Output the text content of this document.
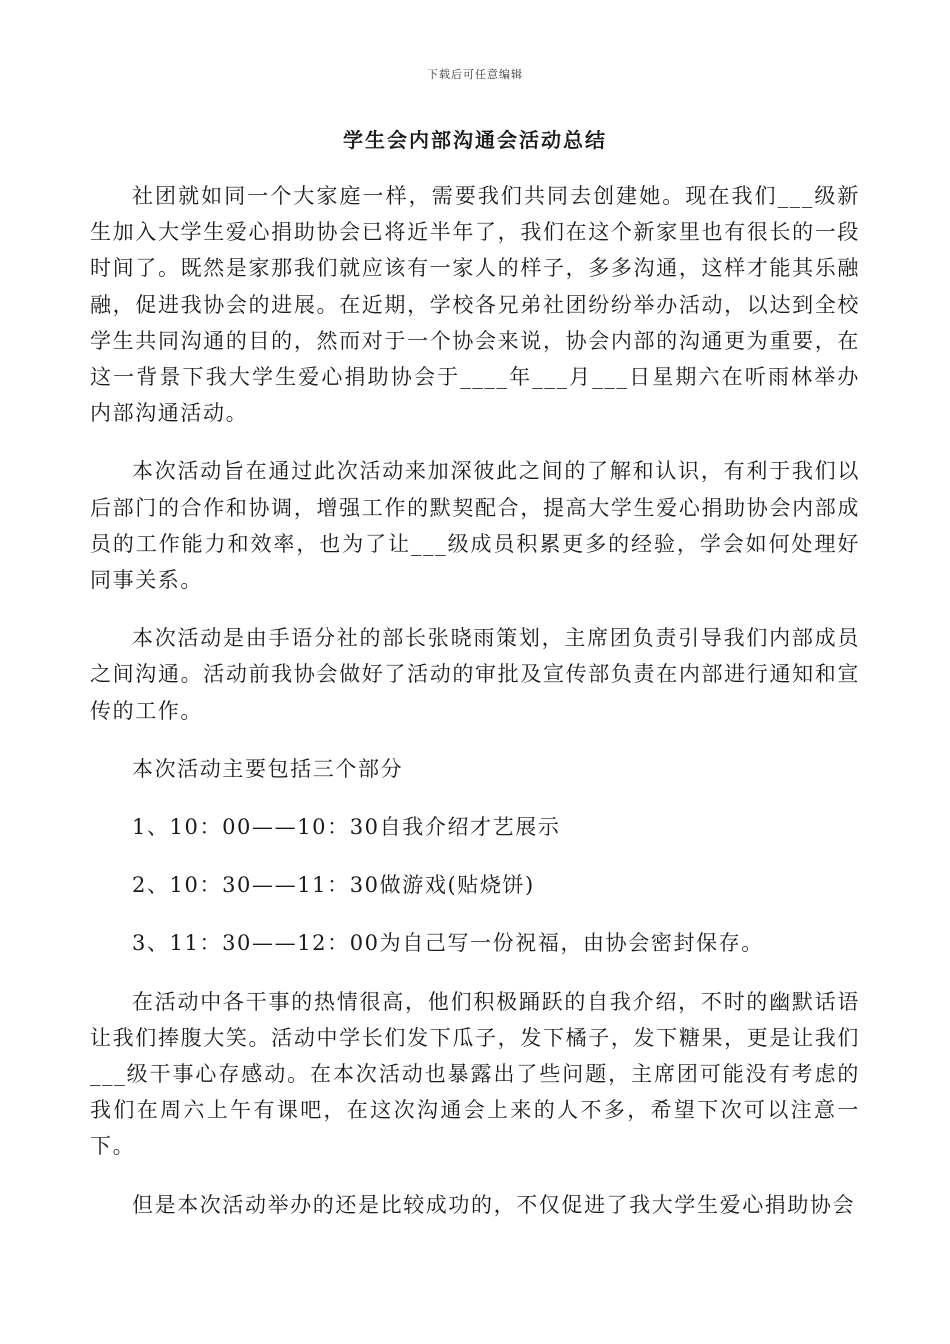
下载后可任意编辑
学生会内部沟通会活动总结

社团就如同一个大家庭一样，需要我们共同去创建她。现在我们___级新生加入大学生爱心捐助协会已将近半年了，我们在这个新家里也有很长的一段时间了。既然是家那我们就应该有一家人的样子，多多沟通，这样才能其乐融融，促进我协会的进展。在近期，学校各兄弟社团纷纷举办活动，以达到全校学生共同沟通的目的，然而对于一个协会来说，协会内部的沟通更为重要，在这一背景下我大学生爱心捐助协会于____年___月___日星期六在听雨林举办内部沟通活动。

本次活动旨在通过此次活动来加深彼此之间的了解和认识，有利于我们以后部门的合作和协调，增强工作的默契配合，提高大学生爱心捐助协会内部成员的工作能力和效率，也为了让___级成员积累更多的经验，学会如何处理好同事关系。

本次活动是由手语分社的部长张晓雨策划，主席团负责引导我们内部成员之间沟通。活动前我协会做好了活动的审批及宣传部负责在内部进行通知和宣传的工作。

本次活动主要包括三个部分

1、10：00——10：30自我介绍才艺展示

2、10：30——11：30做游戏(贴烧饼)

3、11：30——12：00为自己写一份祝福，由协会密封保存。

在活动中各干事的热情很高，他们积极踊跃的自我介绍，不时的幽默话语让我们捧腹大笑。活动中学长们发下瓜子，发下橘子，发下糖果，更是让我们___级干事心存感动。在本次活动也暴露出了些问题，主席团可能没有考虑的我们在周六上午有课吧，在这次沟通会上来的人不多，希望下次可以注意一下。

但是本次活动举办的还是比较成功的，不仅促进了我大学生爱心捐助协会
